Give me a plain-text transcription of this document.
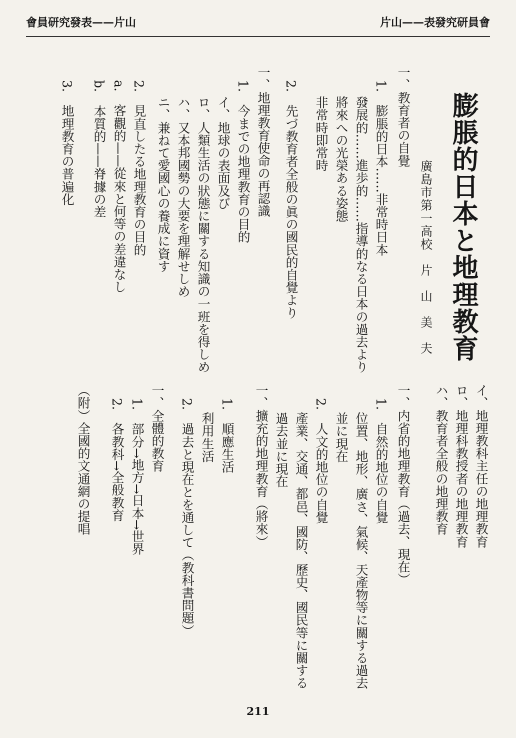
會員研究發表——片山	片山——表發究研員會
膨脹的日本と地理教育
廣島市第一高校　片　山　美　夫
イ、地理教科主任の地理教育
ロ、地理科教授者の地理教育
ハ、教育者全般の地理教育
一、内省的地理教育（過去、現在）
1.　自然的地位の自覺
位置、地形、廣さ、氣候、天產物等に關する過去
並に現在
2.　人文的地位の自覺
產業、交通、都邑、國防、歷史、國民等に關する
過去並に現在
一、擴充的地理教育（將來）
1.　順應生活
利用生活
2.　過去と現在とを通して（教科書問題）
一、全體的教育
1.　部分→地方→日本→世界
2.　各教科→全般教育
（附）全國的文通網の提唱
一、教育者の自覺
1.　膨脹的日本……非常時日本
發展的……進歩的……指導的なる日本の過去より
將來への光榮ある姿態
非常時即常時
2.　先づ教育者全般の眞の國民的自覺より
一、地理教育使命の再認識
1.　今までの地理教育の目的
イ、地球の表面及び
ロ、人類生活の狀態に關する知識の一班を得しめ
ハ、又本邦國勢の大要を理解せしめ
ニ、兼ねて愛國心の養成に資す
2.　見直したる地理教育の目的
a.　客觀的——從來と何等の差違なし
b.　本質的——脊據の差
3.　地理教育の普遍化
211
